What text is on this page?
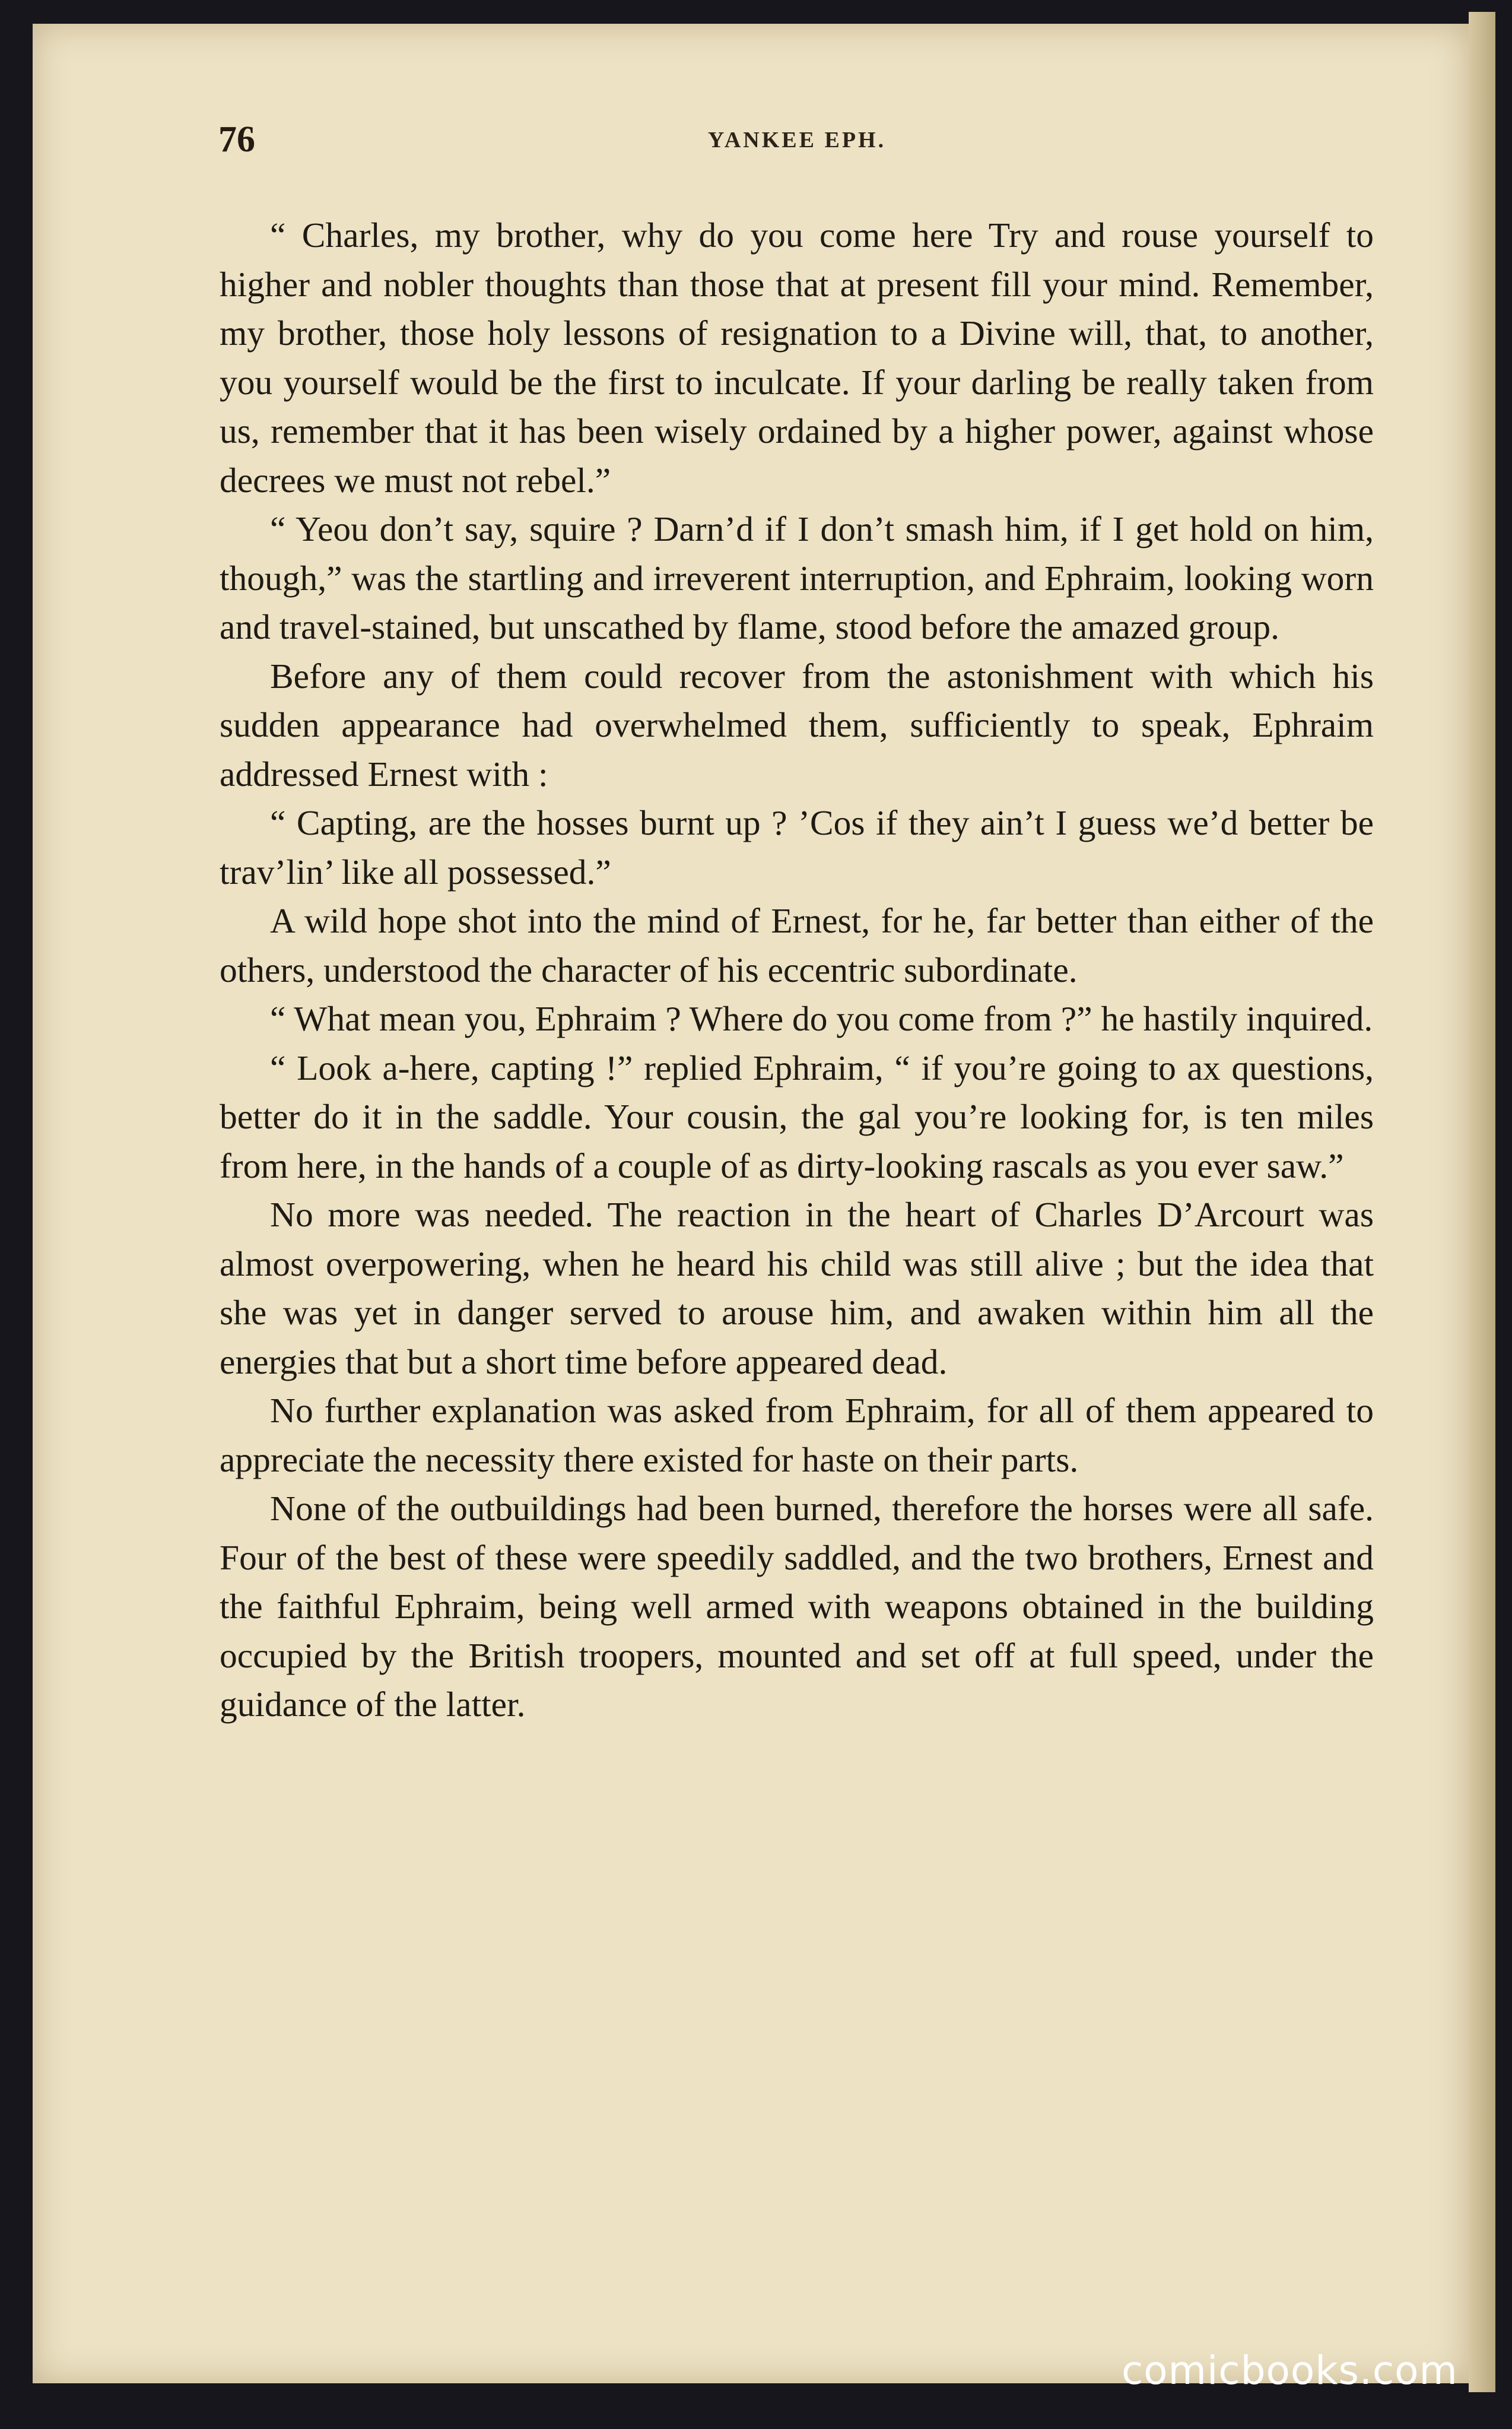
76	YANKEE EPH.

“ Charles, my brother, why do you come here Try and rouse yourself to higher and nobler thoughts than those that at present fill your mind. Remember, my brother, those holy lessons of resignation to a Divine will, that, to another, you yourself would be the first to inculcate. If your darling be really taken from us, remember that it has been wisely ordained by a higher power, against whose decrees we must not rebel.”

“ Yeou don’t say, squire ? Darn’d if I don’t smash him, if I get hold on him, though,” was the startling and irreverent interruption, and Ephraim, looking worn and travel-stained, but unscathed by flame, stood before the amazed group.

Before any of them could recover from the astonishment with which his sudden appearance had overwhelmed them, sufficiently to speak, Ephraim addressed Ernest with :

“ Capting, are the hosses burnt up ? ’Cos if they ain’t I guess we’d better be trav’lin’ like all possessed.”

A wild hope shot into the mind of Ernest, for he, far better than either of the others, understood the character of his eccentric subordinate.

“ What mean you, Ephraim ? Where do you come from ?” he hastily inquired.

“ Look a-here, capting !” replied Ephraim, “ if you’re going to ax questions, better do it in the saddle. Your cousin, the gal you’re looking for, is ten miles from here, in the hands of a couple of as dirty-looking rascals as you ever saw.”

No more was needed. The reaction in the heart of Charles D’Arcourt was almost overpowering, when he heard his child was still alive ; but the idea that she was yet in danger served to arouse him, and awaken within him all the energies that but a short time before appeared dead.

No further explanation was asked from Ephraim, for all of them appeared to appreciate the necessity there existed for haste on their parts.

None of the outbuildings had been burned, therefore the horses were all safe. Four of the best of these were speedily saddled, and the two brothers, Ernest and the faithful Ephraim, being well armed with weapons obtained in the building occupied by the British troopers, mounted and set off at full speed, under the guidance of the latter.

comicbooks.com
